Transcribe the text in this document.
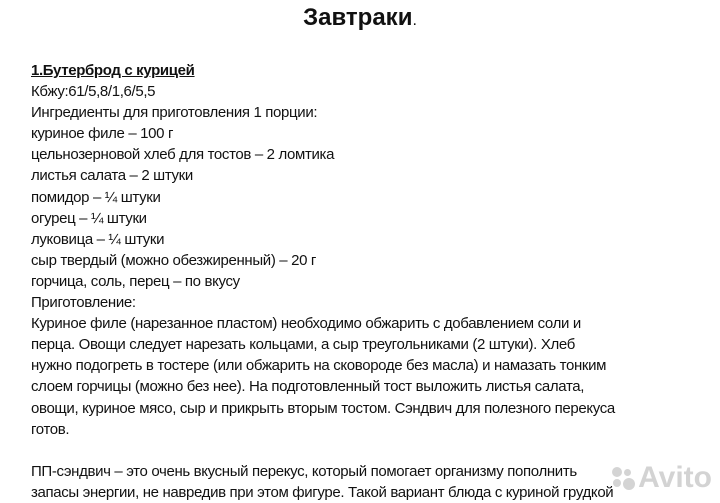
Завтраки.
1.Бутерброд с курицей
Кбжу:61/5,8/1,6/5,5
Ингредиенты для приготовления 1 порции:
куриное филе – 100 г
цельнозерновой хлеб для тостов – 2 ломтика
листья салата – 2 штуки
помидор – ¼ штуки
огурец – ¼ штуки
луковица – ¼ штуки
сыр твердый (можно обезжиренный) – 20 г
горчица, соль, перец – по вкусу
Приготовление:
Куриное филе (нарезанное пластом) необходимо обжарить с добавлением соли и
перца. Овощи следует нарезать кольцами, а сыр треугольниками (2 штуки). Хлеб
нужно подогреть в тостере (или обжарить на сковороде без масла) и намазать тонким
слоем горчицы (можно без нее). На подготовленный тост выложить листья салата,
овощи, куриное мясо, сыр и прикрыть вторым тостом. Сэндвич для полезного перекуса
готов.
ПП-сэндвич – это очень вкусный перекус, который помогает организму пополнить
запасы энергии, не навредив при этом фигуре. Такой вариант блюда с куриной грудкой Avito
